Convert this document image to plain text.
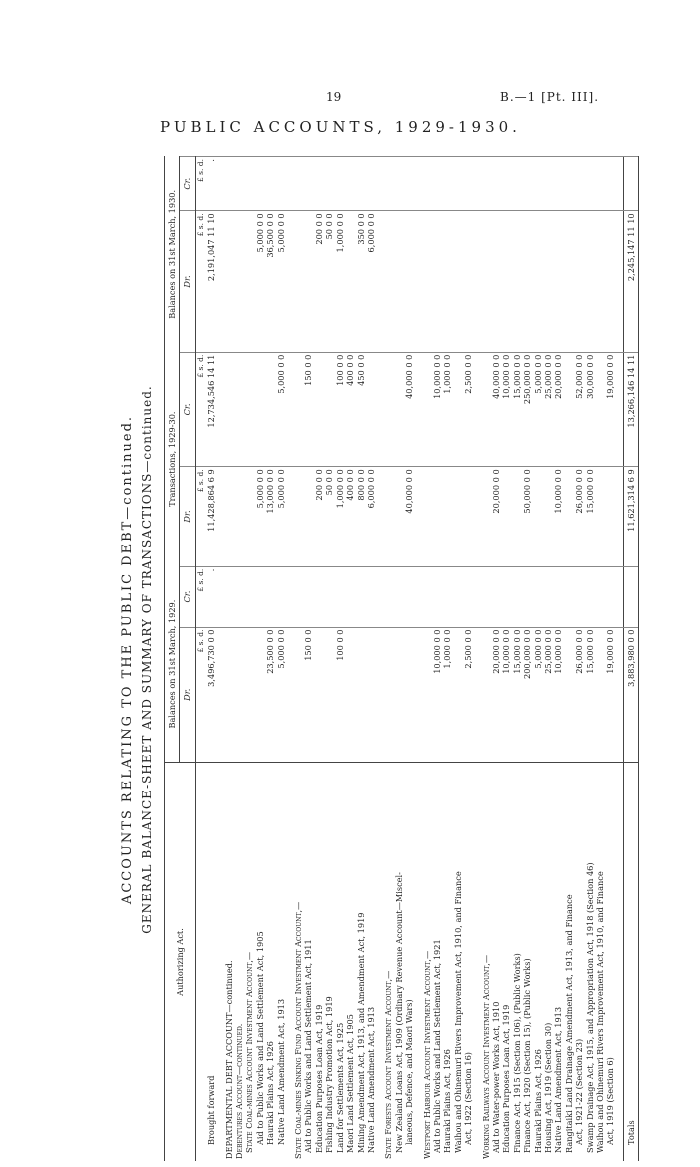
19	B.—1 [Pt. III].
PUBLIC ACCOUNTS, 1929-1930.
ACCOUNTS RELATING TO THE PUBLIC DEBT—continued. GENERAL BALANCE-SHEET AND SUMMARY OF TRANSACTIONS—continued.
Authorizing Act.	Balances on 31st March, 1929.		Transactions, 1929-30.		Balances on 31st March, 1930.	
	Dr.	Cr.	Dr.	Cr.	Dr.	Cr.
	£ s. d.	£ s. d.	£ s. d.	£ s. d.	£ s. d.	£ s. d.
Brought forward	3,496,730 0 0	.	11,428,864 6 9	12,734,546 14 11	2,191,047 11 10	.

DEPARTMENTAL DEBT ACCOUNT—continued.						
Debentures Account—continued.						
State Coal-mines Account Investment Account,—						
Aid to Public Works and Land Settlement Act, 1905			5,000 0 0		5,000 0 0	
Hauraki Plains Act, 1926	23,500 0 0		13,000 0 0		36,500 0 0	
Native Land Amendment Act, 1913	5,000 0 0		5,000 0 0	5,000 0 0	5,000 0 0	

State Coal-mines Sinking Fund Account Investment Account,—						
Aid to Public Works and Land Settlement Act, 1911	150 0 0			150 0 0		
Education Purposes Loan Act, 1919			200 0 0		200 0 0	
Fishing Industry Promotion Act, 1919			50 0 0		50 0 0	
Land for Settlements Act, 1925	100 0 0		1,000 0 0	100 0 0	1,000 0 0	
Maori Land Settlement Act, 1905			400 0 0	400 0 0		
Mining Amendment Act, 1913, and Amendment Act, 1919			800 0 0	450 0 0	350 0 0	
Native Land Amendment Act, 1913			6,000 0 0		6,000 0 0	

State Forests Account Investment Account,—						
New Zealand Loans Act, 1909 (Ordinary Revenue Account—Miscel-						
laneous, Defence, and Maori Wars)			40,000 0 0	40,000 0 0		

Westport Harbour Account Investment Account,—						
Aid to Public Works and Land Settlement Act, 1921	10,000 0 0			10,000 0 0		
Hauraki Plains Act, 1926	1,000 0 0			1,000 0 0		
Waihou and Ohinemuri Rivers Improvement Act, 1910, and Finance						
Act, 1922 (Section 16)	2,500 0 0			2,500 0 0		

Working Railways Account Investment Account,—						
Aid to Water-power Works Act, 1910	20,000 0 0		20,000 0 0	40,000 0 0		
Education Purposes Loan Act, 1919	10,000 0 0			10,000 0 0		
Finance Act, 1915 (Section 106), (Public Works)	15,000 0 0			15,000 0 0		
Finance Act, 1920 (Section 15), (Public Works)	200,000 0 0		50,000 0 0	250,000 0 0		
Hauraki Plains Act, 1926	5,000 0 0			5,000 0 0		
Housing Act, 1919 (Section 30)	25,000 0 0			25,000 0 0		
Native Land Amendment Act, 1913	10,000 0 0		10,000 0 0	20,000 0 0		
Rangitaiki Land Drainage Amendment Act, 1913, and Finance						
Act, 1921-22 (Section 23)	26,000 0 0		26,000 0 0	52,000 0 0		
Swamp Drainage Act, 1915, and Appropriation Act, 1918 (Section 46)	15,000 0 0		15,000 0 0	30,000 0 0		
Waihou and Ohinemuri Rivers Improvement Act, 1910, and Finance						
Act, 1919 (Section 6)	19,000 0 0			19,000 0 0		

Totals	3,883,980 0 0		11,621,314 6 9	13,266,146 14 11	2,245,147 11 10	
